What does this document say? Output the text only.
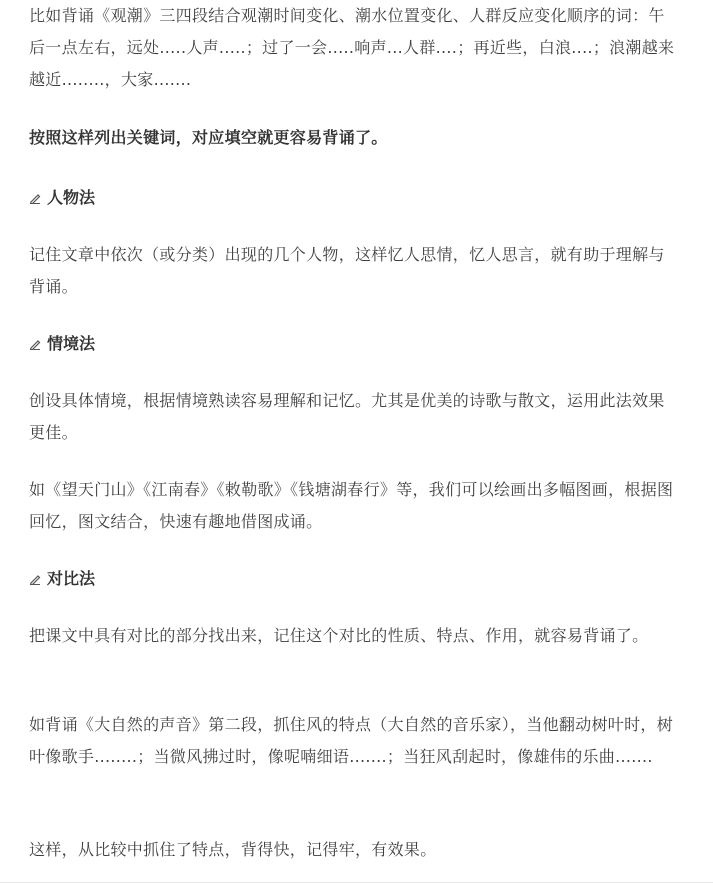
比如背诵《观潮》三四段结合观潮时间变化、潮水位置变化、人群反应变化顺序的词：午后一点左右，远处.....人声.....；过了一会.....响声...人群....；再近些，白浪....；浪潮越来越近........，大家.......

按照这样列出关键词，对应填空就更容易背诵了。

人物法

记住文章中依次（或分类）出现的几个人物，这样忆人思情，忆人思言，就有助于理解与背诵。

情境法

创设具体情境，根据情境熟读容易理解和记忆。尤其是优美的诗歌与散文，运用此法效果更佳。

如《望天门山》《江南春》《敕勒歌》《钱塘湖春行》等，我们可以绘画出多幅图画，根据图回忆，图文结合，快速有趣地借图成诵。

对比法

把课文中具有对比的部分找出来，记住这个对比的性质、特点、作用，就容易背诵了。

如背诵《大自然的声音》第二段，抓住风的特点（大自然的音乐家），当他翻动树叶时，树叶像歌手........；当微风拂过时，像呢喃细语.......；当狂风刮起时，像雄伟的乐曲.......

这样，从比较中抓住了特点，背得快，记得牢，有效果。
